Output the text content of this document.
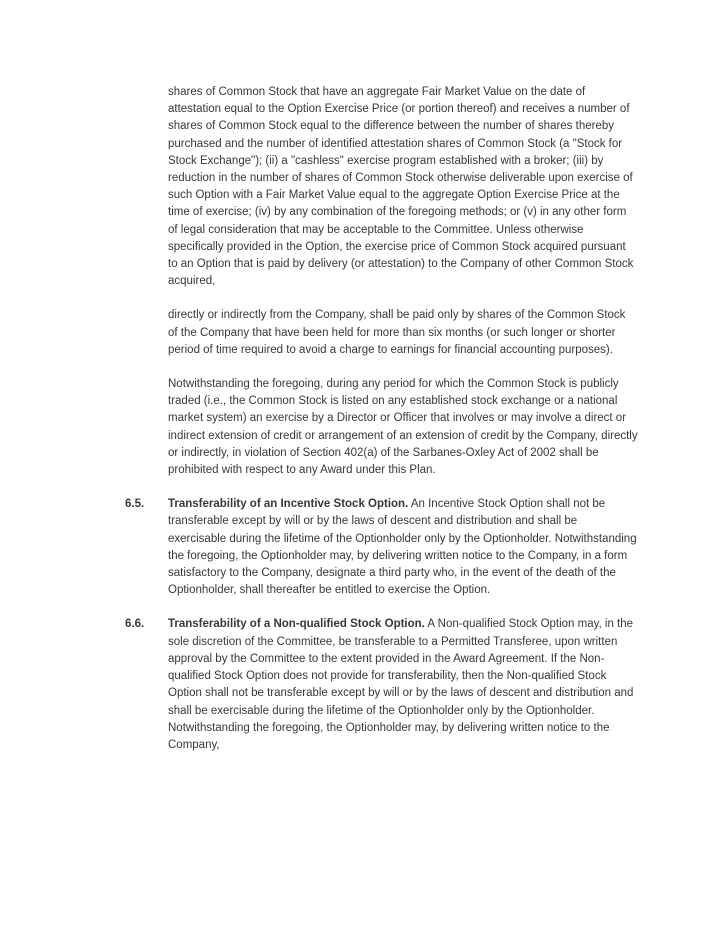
shares of Common Stock that have an aggregate Fair Market Value on the date of attestation equal to the Option Exercise Price (or portion thereof) and receives a number of shares of Common Stock equal to the difference between the number of shares thereby purchased and the number of identified attestation shares of Common Stock (a "Stock for Stock Exchange"); (ii) a "cashless" exercise program established with a broker; (iii) by reduction in the number of shares of Common Stock otherwise deliverable upon exercise of such Option with a Fair Market Value equal to the aggregate Option Exercise Price at the time of exercise; (iv) by any combination of the foregoing methods; or (v) in any other form of legal consideration that may be acceptable to the Committee. Unless otherwise specifically provided in the Option, the exercise price of Common Stock acquired pursuant to an Option that is paid by delivery (or attestation) to the Company of other Common Stock acquired,

directly or indirectly from the Company, shall be paid only by shares of the Common Stock of the Company that have been held for more than six months (or such longer or shorter period of time required to avoid a charge to earnings for financial accounting purposes).

Notwithstanding the foregoing, during any period for which the Common Stock is publicly traded (i.e., the Common Stock is listed on any established stock exchange or a national market system) an exercise by a Director or Officer that involves or may involve a direct or indirect extension of credit or arrangement of an extension of credit by the Company, directly or indirectly, in violation of Section 402(a) of the Sarbanes-Oxley Act of 2002 shall be prohibited with respect to any Award under this Plan.

6.5. Transferability of an Incentive Stock Option. An Incentive Stock Option shall not be transferable except by will or by the laws of descent and distribution and shall be exercisable during the lifetime of the Optionholder only by the Optionholder. Notwithstanding the foregoing, the Optionholder may, by delivering written notice to the Company, in a form satisfactory to the Company, designate a third party who, in the event of the death of the Optionholder, shall thereafter be entitled to exercise the Option.

6.6. Transferability of a Non-qualified Stock Option. A Non-qualified Stock Option may, in the sole discretion of the Committee, be transferable to a Permitted Transferee, upon written approval by the Committee to the extent provided in the Award Agreement. If the Non-qualified Stock Option does not provide for transferability, then the Non-qualified Stock Option shall not be transferable except by will or by the laws of descent and distribution and shall be exercisable during the lifetime of the Optionholder only by the Optionholder. Notwithstanding the foregoing, the Optionholder may, by delivering written notice to the Company,
